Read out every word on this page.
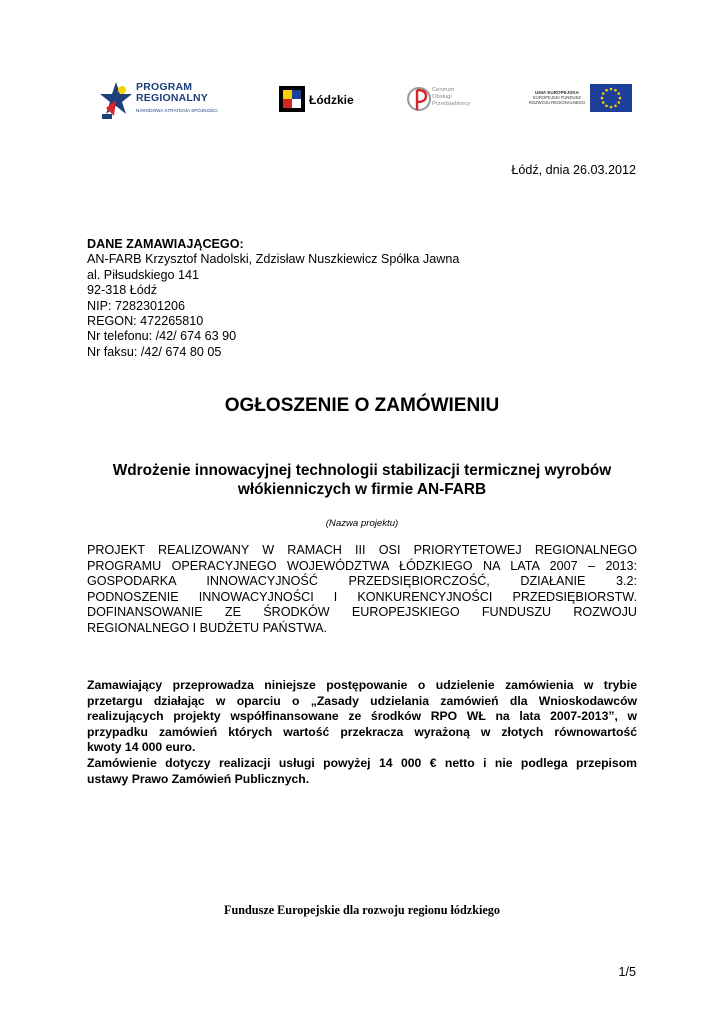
PROGRAM
REGIONALNY
NARODOWA STRATEGIA SPÓJNOŚCI
Łódzkie
Centrum
Obsługi
Przedsiębiorcy
UNIA EUROPEJSKA
EUROPEJSKI FUNDUSZ
ROZWOJU REGIONALNEGO
Łódź, dnia 26.03.2012
DANE ZAMAWIAJĄCEGO:
AN-FARB Krzysztof Nadolski, Zdzisław Nuszkiewicz Spółka Jawna
al. Piłsudskiego 141
92-318 Łódź
NIP: 7282301206
REGON: 472265810
Nr telefonu: /42/ 674 63 90
Nr faksu: /42/ 674 80 05
OGŁOSZENIE O ZAMÓWIENIU
Wdrożenie innowacyjnej technologii stabilizacji termicznej wyrobów
włókienniczych w firmie AN-FARB
(Nazwa projektu)
PROJEKT REALIZOWANY W RAMACH III OSI PRIORYTETOWEJ REGIONALNEGO
PROGRAMU OPERACYJNEGO WOJEWÓDZTWA ŁÓDZKIEGO NA LATA 2007 – 2013:
GOSPODARKA INNOWACYJNOŚĆ PRZEDSIĘBIORCZOŚĆ, DZIAŁANIE 3.2:
PODNOSZENIE INNOWACYJNOŚCI I KONKURENCYJNOŚCI PRZEDSIĘBIORSTW.
DOFINANSOWANIE ZE ŚRODKÓW EUROPEJSKIEGO FUNDUSZU ROZWOJU
REGIONALNEGO I BUDŻETU PAŃSTWA.
Zamawiający przeprowadza niniejsze postępowanie o udzielenie zamówienia w trybie
przetargu działając w oparciu o „Zasady udzielania zamówień dla Wnioskodawców
realizujących projekty współfinansowane ze środków RPO WŁ na lata 2007-2013”, w
przypadku zamówień których wartość przekracza wyrażoną w złotych równowartość
kwoty 14 000 euro.
Zamówienie dotyczy realizacji usługi powyżej 14 000 € netto i nie podlega przepisom
ustawy Prawo Zamówień Publicznych.
Fundusze Europejskie dla rozwoju regionu łódzkiego
1/5
